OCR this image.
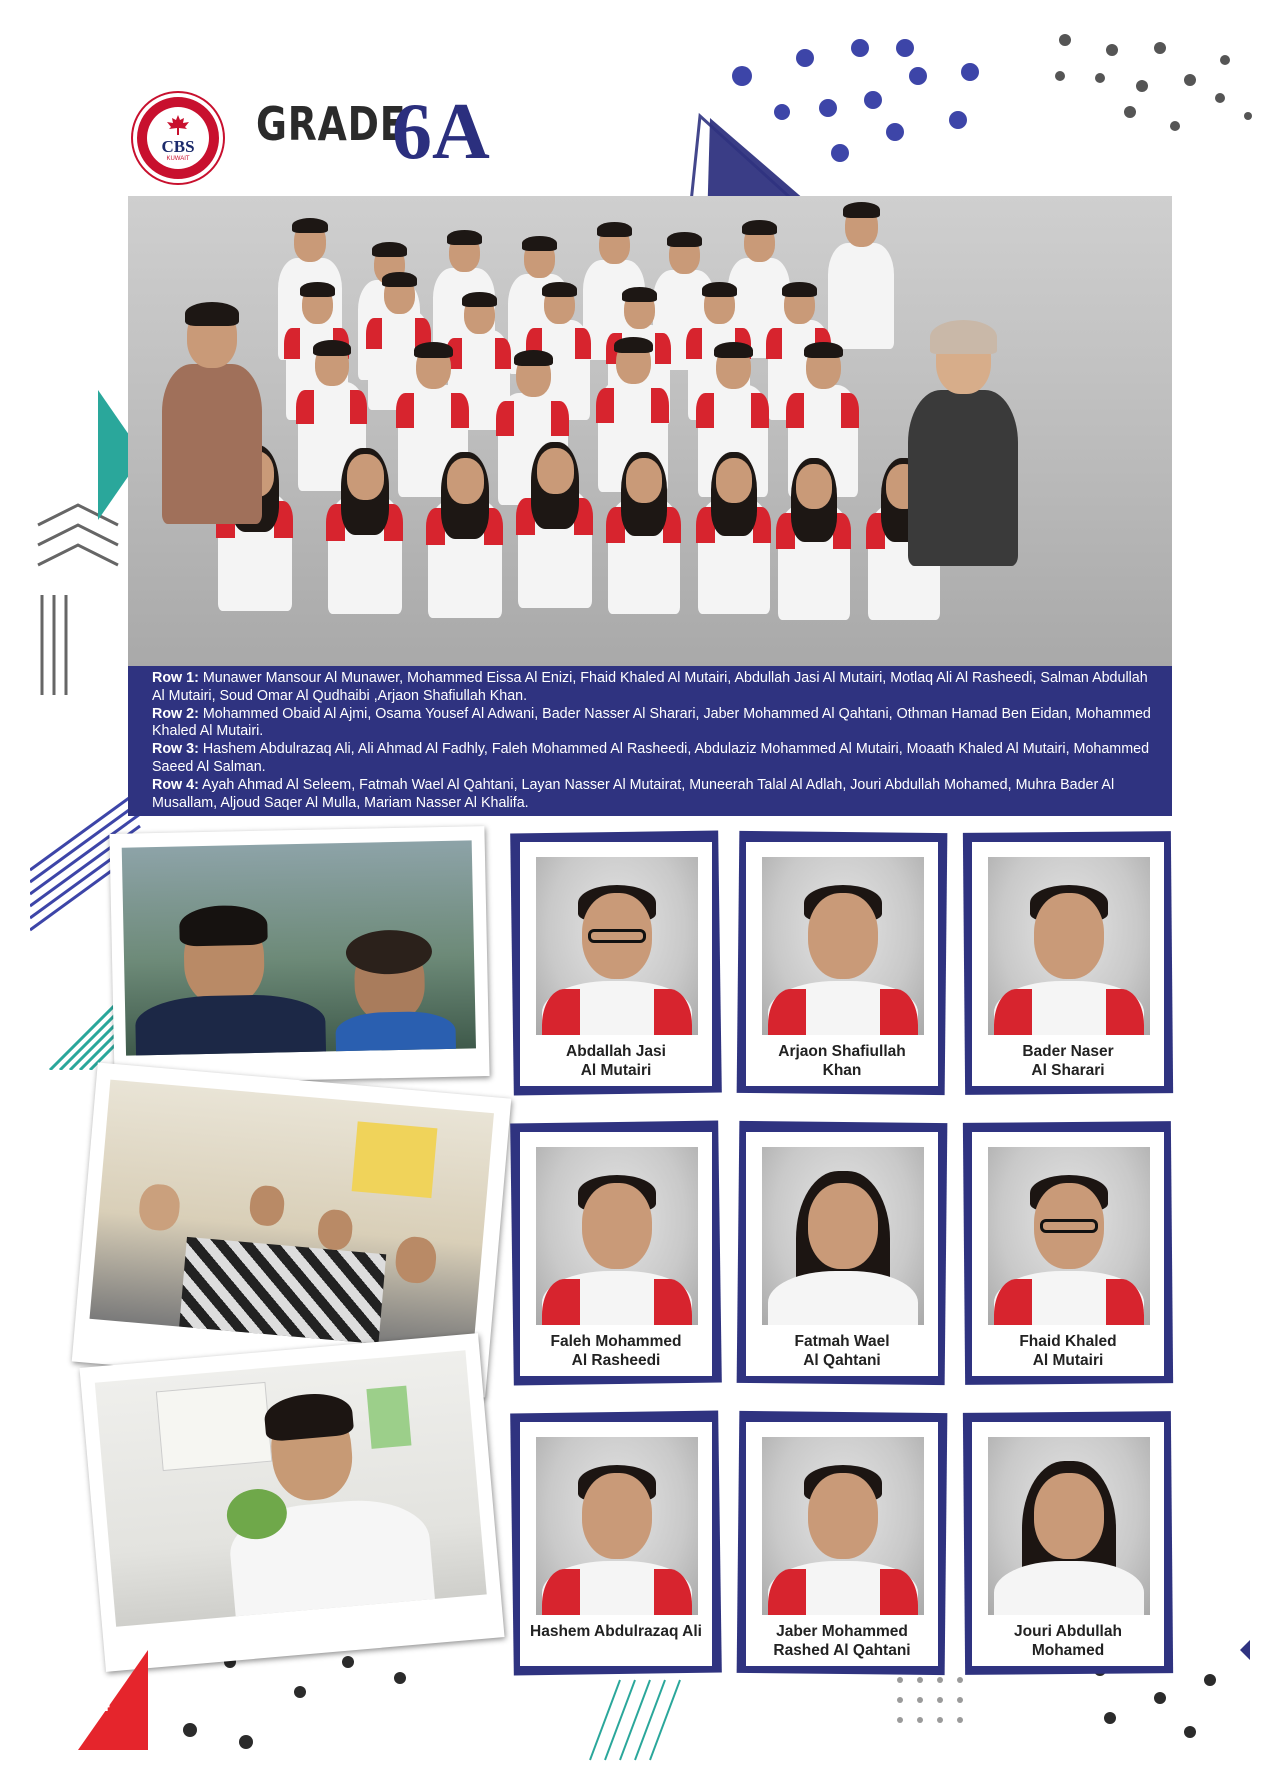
CBS
KUWAIT
GRADE
6A

Row 1: Munawer Mansour Al Munawer, Mohammed Eissa Al Enizi, Fhaid Khaled Al Mutairi, Abdullah Jasi Al Mutairi, Motlaq Ali Al Rasheedi, Salman Abdullah Al Mutairi, Soud Omar Al Qudhaibi ,Arjaon Shafiullah Khan.

Row 2: Mohammed Obaid Al Ajmi, Osama Yousef Al Adwani, Bader Nasser Al Sharari, Jaber Mohammed Al Qahtani, Othman Hamad Ben Eidan, Mohammed Khaled Al Mutairi.

Row 3: Hashem Abdulrazaq Ali, Ali Ahmad Al Fadhly, Faleh Mohammed Al Rasheedi, Abdulaziz Mohammed Al Mutairi, Moaath Khaled Al Mutairi, Mohammed Saeed Al Salman.

Row 4: Ayah Ahmad Al Seleem, Fatmah Wael Al Qahtani, Layan Nasser Al Mutairat, Muneerah Talal Al Adlah, Jouri Abdullah Mohamed, Muhra Bader Al Musallam, Aljoud Saqer Al Mulla, Mariam Nasser Al Khalifa.

Abdallah Jasi
Al Mutairi
Arjaon Shafiullah
Khan
Bader Naser
Al Sharari
Faleh Mohammed
Al Rasheedi
Fatmah Wael
Al Qahtani
Fhaid Khaled
Al Mutairi
Hashem Abdulrazaq Ali	Jaber Mohammed
Rashed Al Qahtani
Jouri Abdullah
Mohamed
64
